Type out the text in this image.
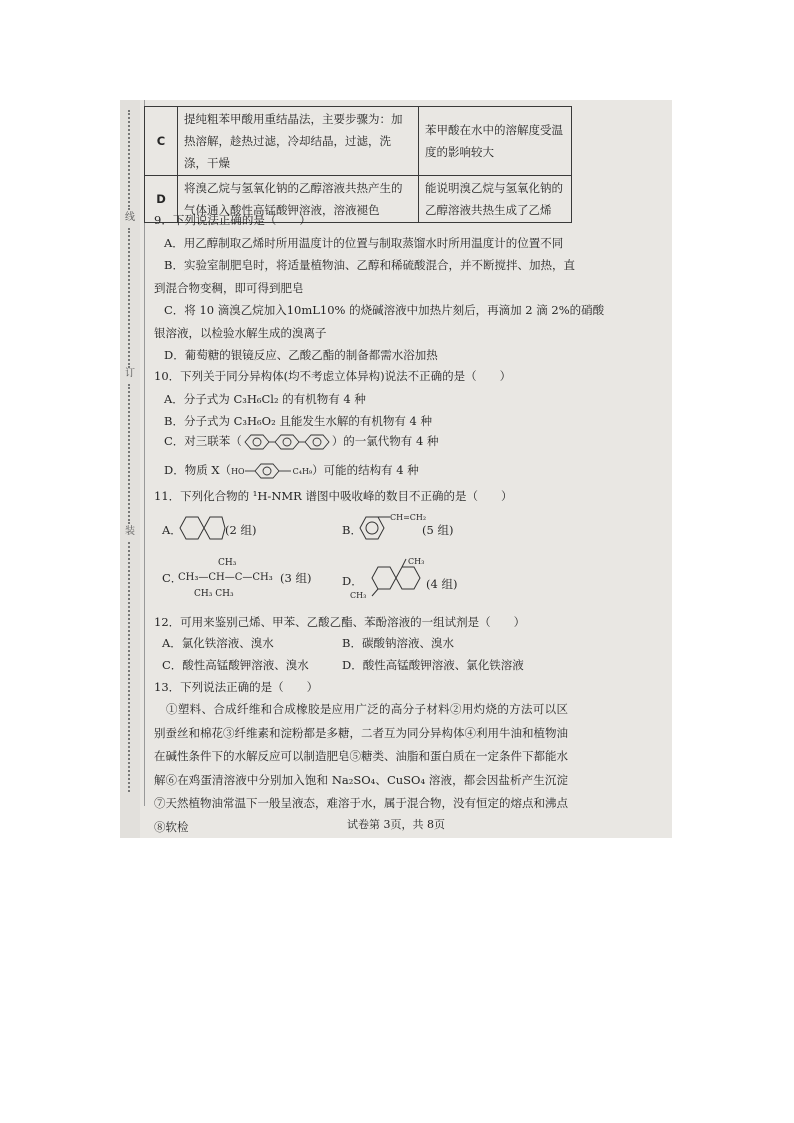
线
订
装
C	提纯粗苯甲酸用重结晶法，主要步骤为：加热溶解，趁热过滤，冷却结晶，过滤，洗涤，干燥	苯甲酸在水中的溶解度受温度的影响较大
D	将溴乙烷与氢氧化钠的乙醇溶液共热产生的气体通入酸性高锰酸钾溶液，溶液褪色	能说明溴乙烷与氢氧化钠的乙醇溶液共热生成了乙烯
9．下列说法正确的是（　　）
A．用乙醇制取乙烯时所用温度计的位置与制取蒸馏水时所用温度计的位置不同
B．实验室制肥皂时，将适量植物油、乙醇和稀硫酸混合，并不断搅拌、加热，直
到混合物变稠，即可得到肥皂
C．将 10 滴溴乙烷加入10mL10% 的烧碱溶液中加热片刻后，再滴加 2 滴 2%的硝酸
银溶液，以检验水解生成的溴离子
D．葡萄糖的银镜反应、乙酸乙酯的制备都需水浴加热
10．下列关于同分异构体(均不考虑立体异构)说法不正确的是（　　）
A．分子式为 C₃H₆Cl₂ 的有机物有 4 种
B．分子式为 C₃H₆O₂ 且能发生水解的有机物有 4 种
C．对三联苯（	）的一氯代物有 4 种
D．物质 X（HO	C₄H₉）可能的结构有 4 种
11．下列化合物的 ¹H-NMR 谱图中吸收峰的数目不正确的是（　　）
A．	(2 组)	B．
CH=CH₂
(5 组)
C．
CH₃
CH₃—CH—C—CH₃ (3 组)
CH₃ CH₃
D．
CH₃
CH₃
(4 组)
12．可用来鉴别己烯、甲苯、乙酸乙酯、苯酚溶液的一组试剂是（　　）
A．氯化铁溶液、溴水	B．碳酸钠溶液、溴水
C．酸性高锰酸钾溶液、溴水	D．酸性高锰酸钾溶液、氯化铁溶液
13．下列说法正确的是（　　）
①塑料、合成纤维和合成橡胶是应用广泛的高分子材料②用灼烧的方法可以区别蚕丝和棉花③纤维素和淀粉都是多糖，二者互为同分异构体④利用牛油和植物油在碱性条件下的水解反应可以制造肥皂⑤糖类、油脂和蛋白质在一定条件下都能水解⑥在鸡蛋清溶液中分别加入饱和 Na₂SO₄、CuSO₄ 溶液，都会因盐析产生沉淀⑦天然植物油常温下一般呈液态，难溶于水，属于混合物，没有恒定的熔点和沸点⑧软检	试卷第 3页，共 8页
